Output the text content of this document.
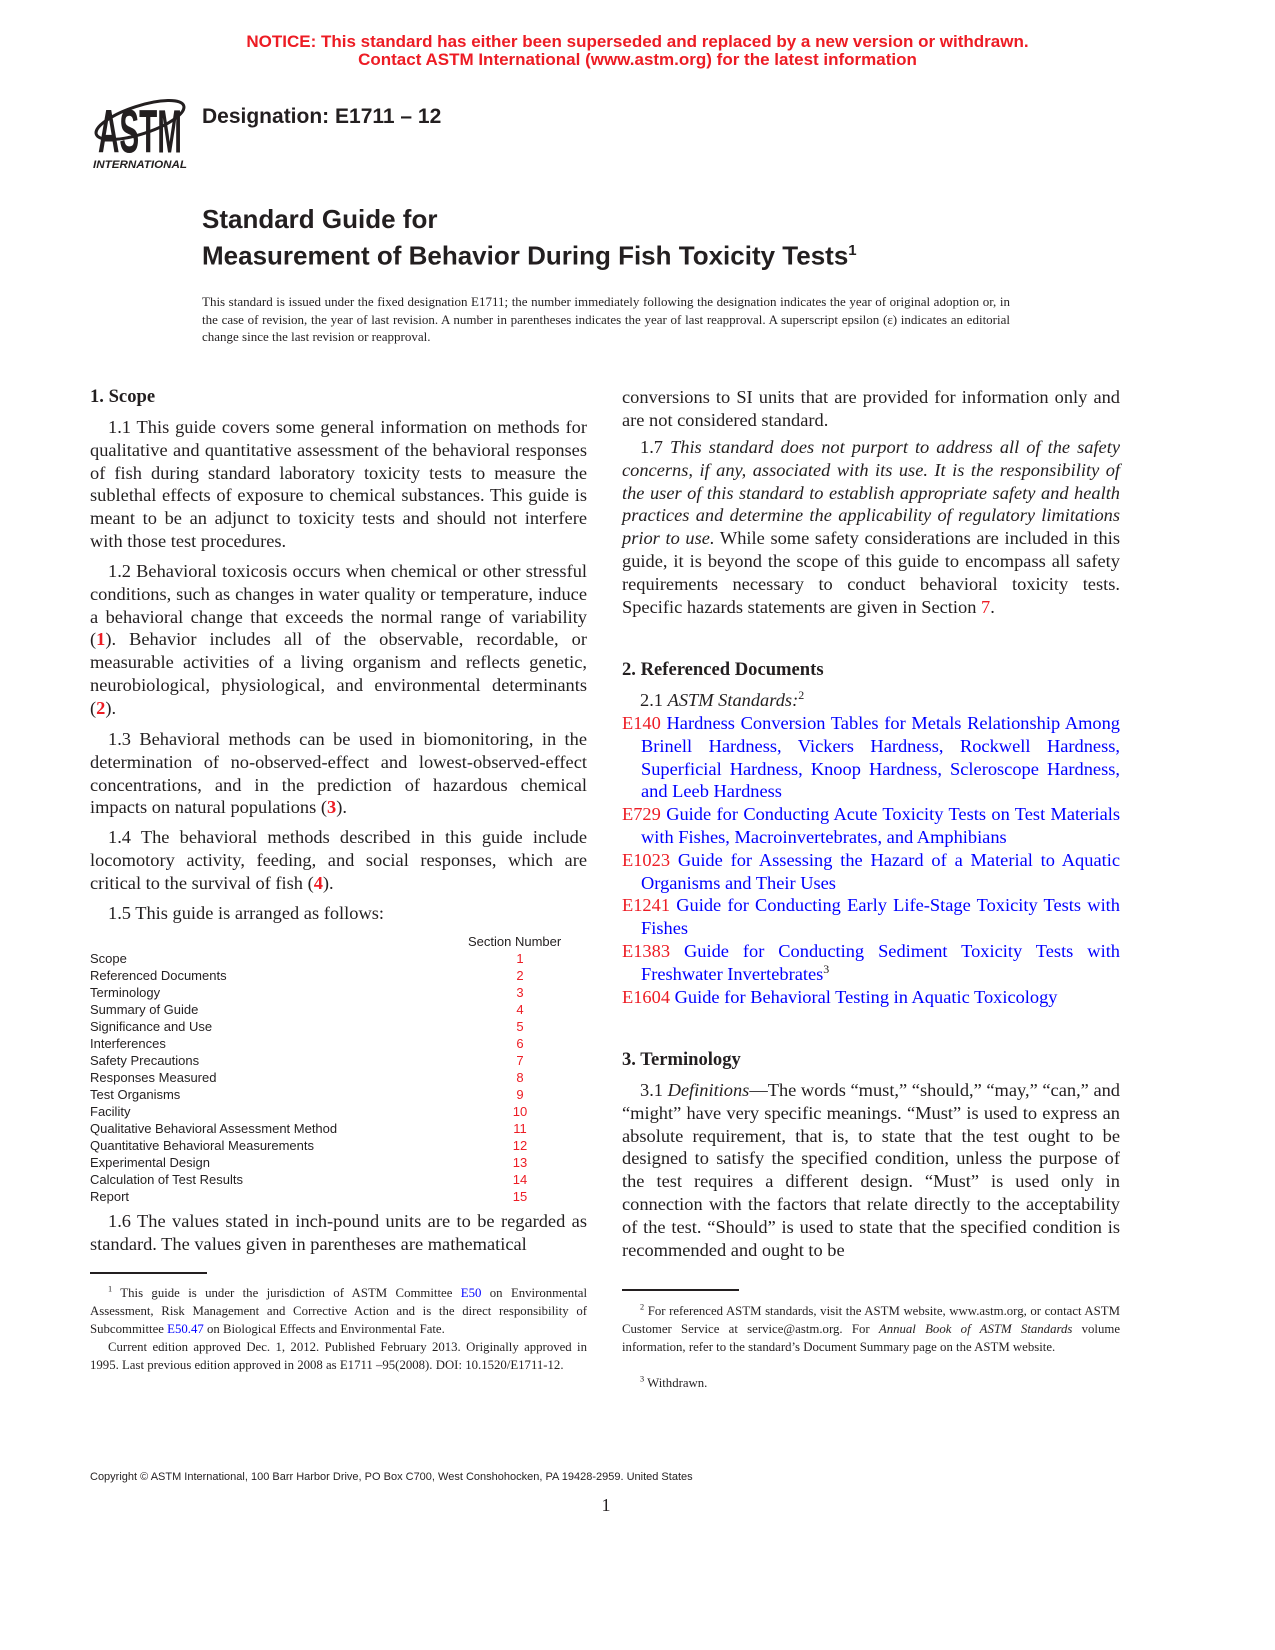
NOTICE: This standard has either been superseded and replaced by a new version or withdrawn.
Contact ASTM International (www.astm.org) for the latest information
ASTM
INTERNATIONAL
Designation: E1711 – 12
Standard Guide for
Measurement of Behavior During Fish Toxicity Tests$^1$
This standard is issued under the fixed designation E1711; the number immediately following the designation indicates the year of original adoption or, in the case of revision, the year of last revision. A number in parentheses indicates the year of last reapproval. A superscript epsilon (ε) indicates an editorial change since the last revision or reapproval.
1. Scope

1.1 This guide covers some general information on methods for qualitative and quantitative assessment of the behavioral responses of fish during standard laboratory toxicity tests to measure the sublethal effects of exposure to chemical substances. This guide is meant to be an adjunct to toxicity tests and should not interfere with those test procedures.

1.2 Behavioral toxicosis occurs when chemical or other stressful conditions, such as changes in water quality or temperature, induce a behavioral change that exceeds the normal range of variability (1). Behavior includes all of the observable, recordable, or measurable activities of a living organism and reflects genetic, neurobiological, physiological, and environmental determinants (2).

1.3 Behavioral methods can be used in biomonitoring, in the determination of no-observed-effect and lowest-observed-effect concentrations, and in the prediction of hazardous chemical impacts on natural populations (3).

1.4 The behavioral methods described in this guide include locomotory activity, feeding, and social responses, which are critical to the survival of fish (4).

1.5 This guide is arranged as follows:

Section Number
Scope	1
Referenced Documents	2
Terminology	3
Summary of Guide	4
Significance and Use	5
Interferences	6
Safety Precautions	7
Responses Measured	8
Test Organisms	9
Facility	10
Qualitative Behavioral Assessment Method	11
Quantitative Behavioral Measurements	12
Experimental Design	13
Calculation of Test Results	14
Report	15

1.6 The values stated in inch-pound units are to be regarded as standard. The values given in parentheses are mathematical

$^1$ This guide is under the jurisdiction of ASTM Committee E50 on Environmental Assessment, Risk Management and Corrective Action and is the direct responsibility of Subcommittee E50.47 on Biological Effects and Environmental Fate.

Current edition approved Dec. 1, 2012. Published February 2013. Originally approved in 1995. Last previous edition approved in 2008 as E1711 –95(2008). DOI: 10.1520/E1711-12.

conversions to SI units that are provided for information only and are not considered standard.

1.7 This standard does not purport to address all of the safety concerns, if any, associated with its use. It is the responsibility of the user of this standard to establish appropriate safety and health practices and determine the applicability of regulatory limitations prior to use. While some safety considerations are included in this guide, it is beyond the scope of this guide to encompass all safety requirements necessary to conduct behavioral toxicity tests. Specific hazards statements are given in Section 7.

2. Referenced Documents

2.1 ASTM Standards:$^2$

E140 Hardness Conversion Tables for Metals Relationship Among Brinell Hardness, Vickers Hardness, Rockwell Hardness, Superficial Hardness, Knoop Hardness, Scleroscope Hardness, and Leeb Hardness

E729 Guide for Conducting Acute Toxicity Tests on Test Materials with Fishes, Macroinvertebrates, and Amphibians

E1023 Guide for Assessing the Hazard of a Material to Aquatic Organisms and Their Uses

E1241 Guide for Conducting Early Life-Stage Toxicity Tests with Fishes

E1383 Guide for Conducting Sediment Toxicity Tests with Freshwater Invertebrates$^3$

E1604 Guide for Behavioral Testing in Aquatic Toxicology

3. Terminology

3.1 Definitions—The words “must,” “should,” “may,” “can,” and “might” have very specific meanings. “Must” is used to express an absolute requirement, that is, to state that the test ought to be designed to satisfy the specified condition, unless the purpose of the test requires a different design. “Must” is used only in connection with the factors that relate directly to the acceptability of the test. “Should” is used to state that the specified condition is recommended and ought to be

$^2$ For referenced ASTM standards, visit the ASTM website, www.astm.org, or contact ASTM Customer Service at service@astm.org. For Annual Book of ASTM Standards volume information, refer to the standard’s Document Summary page on the ASTM website.

$^3$ Withdrawn.

Copyright © ASTM International, 100 Barr Harbor Drive, PO Box C700, West Conshohocken, PA 19428-2959. United States
1
